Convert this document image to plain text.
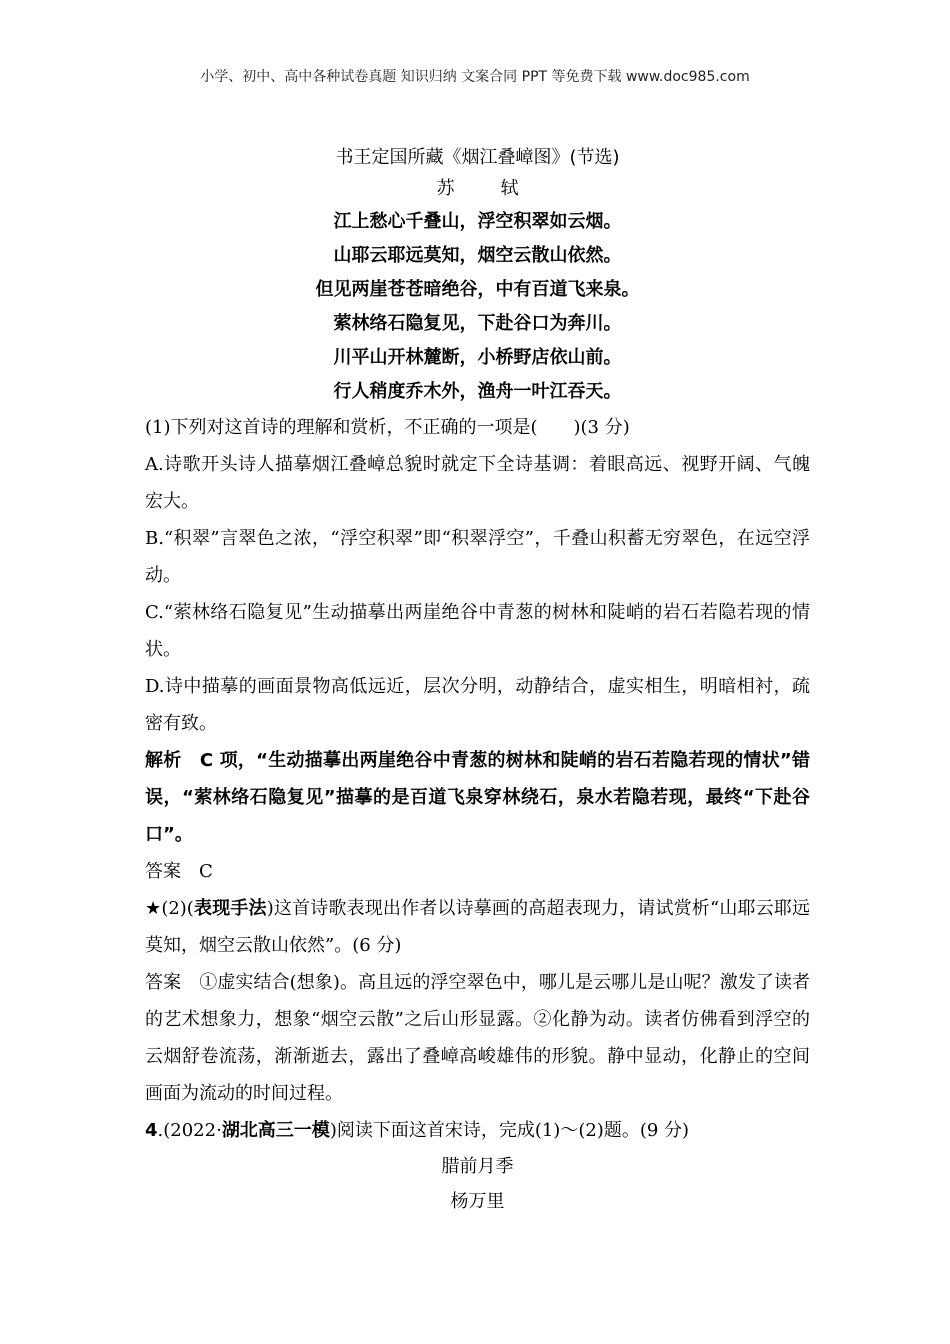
小学、初中、高中各种试卷真题 知识归纳 文案合同 PPT 等免费下载 www.doc985.com
书王定国所藏《烟江叠嶂图》(节选)
苏　轼
江上愁心千叠山，浮空积翠如云烟。
山耶云耶远莫知，烟空云散山依然。
但见两崖苍苍暗绝谷，中有百道飞来泉。
萦林络石隐复见，下赴谷口为奔川。
川平山开林麓断，小桥野店依山前。
行人稍度乔木外，渔舟一叶江吞天。

(1)下列对这首诗的理解和赏析，不正确的一项是(　　)(3 分)

A.诗歌开头诗人描摹烟江叠嶂总貌时就定下全诗基调：着眼高远、视野开阔、气魄宏大。

B.“积翠”言翠色之浓，“浮空积翠”即“积翠浮空”，千叠山积蓄无穷翠色，在远空浮动。

C.“萦林络石隐复见”生动描摹出两崖绝谷中青葱的树林和陡峭的岩石若隐若现的情状。

D.诗中描摹的画面景物高低远近，层次分明，动静结合，虚实相生，明暗相衬，疏密有致。

解析　 C 项，“生动描摹出两崖绝谷中青葱的树林和陡峭的岩石若隐若现的情状”错误，“萦林络石隐复见”描摹的是百道飞泉穿林绕石，泉水若隐若现，最终“下赴谷口”。

答案　 C

★(2)(表现手法)这首诗歌表现出作者以诗摹画的高超表现力，请试赏析“山耶云耶远莫知，烟空云散山依然”。(6 分)

答案　 ①虚实结合(想象)。高且远的浮空翠色中，哪儿是云哪儿是山呢？激发了读者的艺术想象力，想象“烟空云散”之后山形显露。②化静为动。读者仿佛看到浮空的云烟舒卷流荡，渐渐逝去，露出了叠嶂高峻雄伟的形貌。静中显动，化静止的空间画面为流动的时间过程。

4.(2022·湖北高三一模)阅读下面这首宋诗，完成(1)～(2)题。(9 分)

腊前月季
杨万里
